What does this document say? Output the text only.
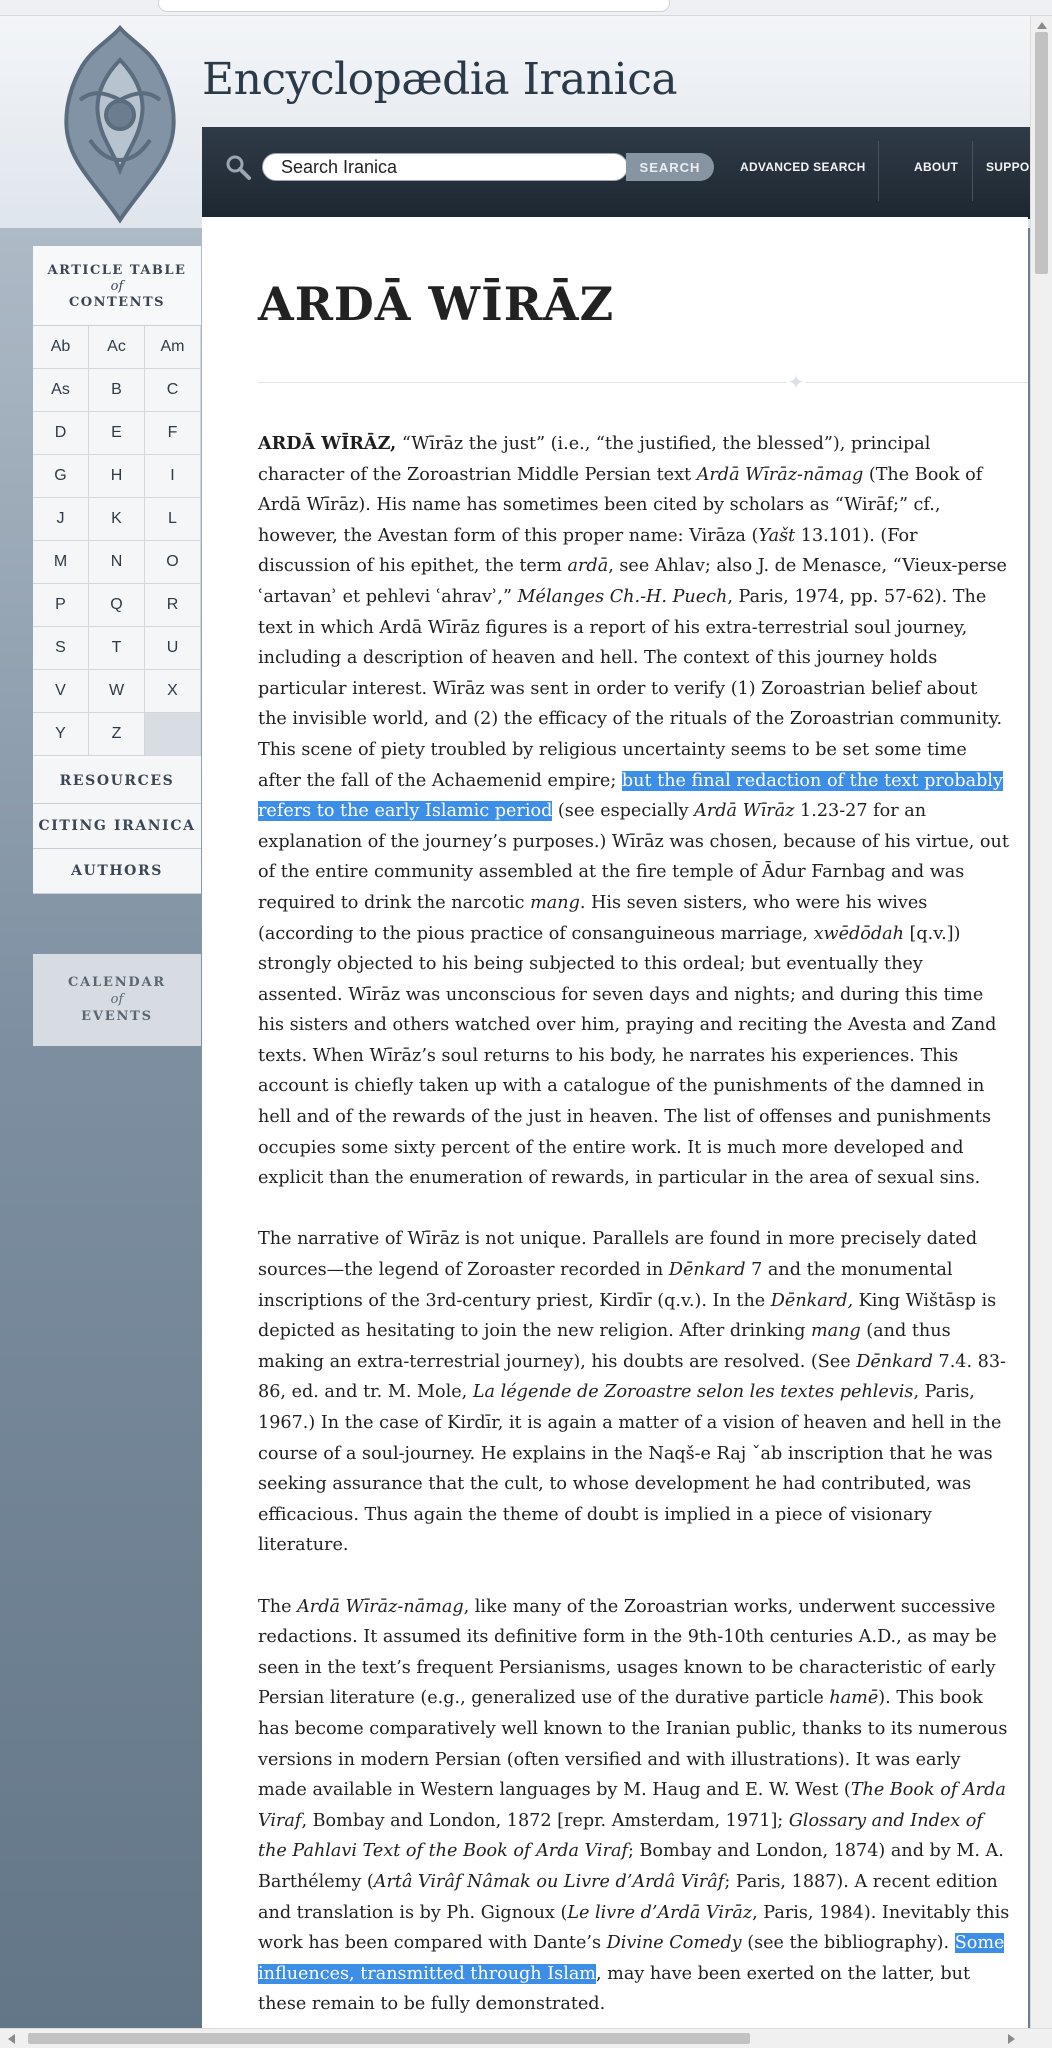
Encyclopædia Iranica
Search Iranica
SEARCH	ADVANCED SEARCH	ABOUT SUPPO
ARTICLE TABLE
of
CONTENTS
Ab	Ac	Am
As	B	C
D	E	F
G	H	I
J	K	L
M	N	O
P	Q	R
S	T	U
V	W	X
Y	Z
RESOURCES
CITING IRANICA
AUTHORS
CALENDAR
of
EVENTS
ARDĀ WĪRĀZ
✦

ARDĀ WĪRĀZ, “Wīrāz the just” (i.e., “the justified, the blessed”), principal character of the Zoroastrian Middle Persian text Ardā Wīrāz-nāmag (The Book of Ardā Wīrāz). His name has sometimes been cited by scholars as “Wirāf;” cf., however, the Avestan form of this proper name: Virāza (Yašt 13.101). (For discussion of his epithet, the term ardā, see Ahlav; also J. de Menasce, “Vieux-perse ʿartavanʾ et pehlevi ʿahravʾ,” Mélanges Ch.-H. Puech, Paris, 1974, pp. 57-62). The text in which Ardā Wīrāz figures is a report of his extra-terrestrial soul journey, including a description of heaven and hell. The context of this journey holds particular interest. Wīrāz was sent in order to verify (1) Zoroastrian belief about the invisible world, and (2) the efficacy of the rituals of the Zoroastrian community. This scene of piety troubled by religious uncertainty seems to be set some time after the fall of the Achaemenid empire; but the final redaction of the text probably refers to the early Islamic period (see especially Ardā Wīrāz 1.23-27 for an explanation of the journey’s purposes.) Wīrāz was chosen, because of his virtue, out of the entire community assembled at the fire temple of Ādur Farnbag and was required to drink the narcotic mang. His seven sisters, who were his wives (according to the pious practice of consanguineous marriage, xwēdōdah [q.v.]) strongly objected to his being subjected to this ordeal; but eventually they assented. Wīrāz was unconscious for seven days and nights; and during this time his sisters and others watched over him, praying and reciting the Avesta and Zand texts. When Wīrāz’s soul returns to his body, he narrates his experiences. This account is chiefly taken up with a catalogue of the punishments of the damned in hell and of the rewards of the just in heaven. The list of offenses and punishments occupies some sixty percent of the entire work. It is much more developed and explicit than the enumeration of rewards, in particular in the area of sexual sins.

The narrative of Wīrāz is not unique. Parallels are found in more precisely dated sources—the legend of Zoroaster recorded in Dēnkard 7 and the monumental inscriptions of the 3rd-century priest, Kirdīr (q.v.). In the Dēnkard, King Wištāsp is depicted as hesitating to join the new religion. After drinking mang (and thus making an extra-terrestrial journey), his doubts are resolved. (See Dēnkard 7.4. 83-86, ed. and tr. M. Mole, La légende de Zoroastre selon les textes pehlevis, Paris, 1967.) In the case of Kirdīr, it is again a matter of a vision of heaven and hell in the course of a soul-journey. He explains in the Naqš-e Raj ˇab inscription that he was seeking assurance that the cult, to whose development he had contributed, was efficacious. Thus again the theme of doubt is implied in a piece of visionary literature.

The Ardā Wīrāz-nāmag, like many of the Zoroastrian works, underwent successive redactions. It assumed its definitive form in the 9th-10th centuries A.D., as may be seen in the text’s frequent Persianisms, usages known to be characteristic of early Persian literature (e.g., generalized use of the durative particle hamē). This book has become comparatively well known to the Iranian public, thanks to its numerous versions in modern Persian (often versified and with illustrations). It was early made available in Western languages by M. Haug and E. W. West (The Book of Arda Viraf, Bombay and London, 1872 [repr. Amsterdam, 1971]; Glossary and Index of the Pahlavi Text of the Book of Arda Viraf; Bombay and London, 1874) and by M. A. Barthélemy (Artâ Virâf Nâmak ou Livre d’Ardâ Virâf; Paris, 1887). A recent edition and translation is by Ph. Gignoux (Le livre d’Ardā Virāz, Paris, 1984). Inevitably this work has been compared with Dante’s Divine Comedy (see the bibliography). Some influences, transmitted through Islam, may have been exerted on the latter, but these remain to be fully demonstrated.
